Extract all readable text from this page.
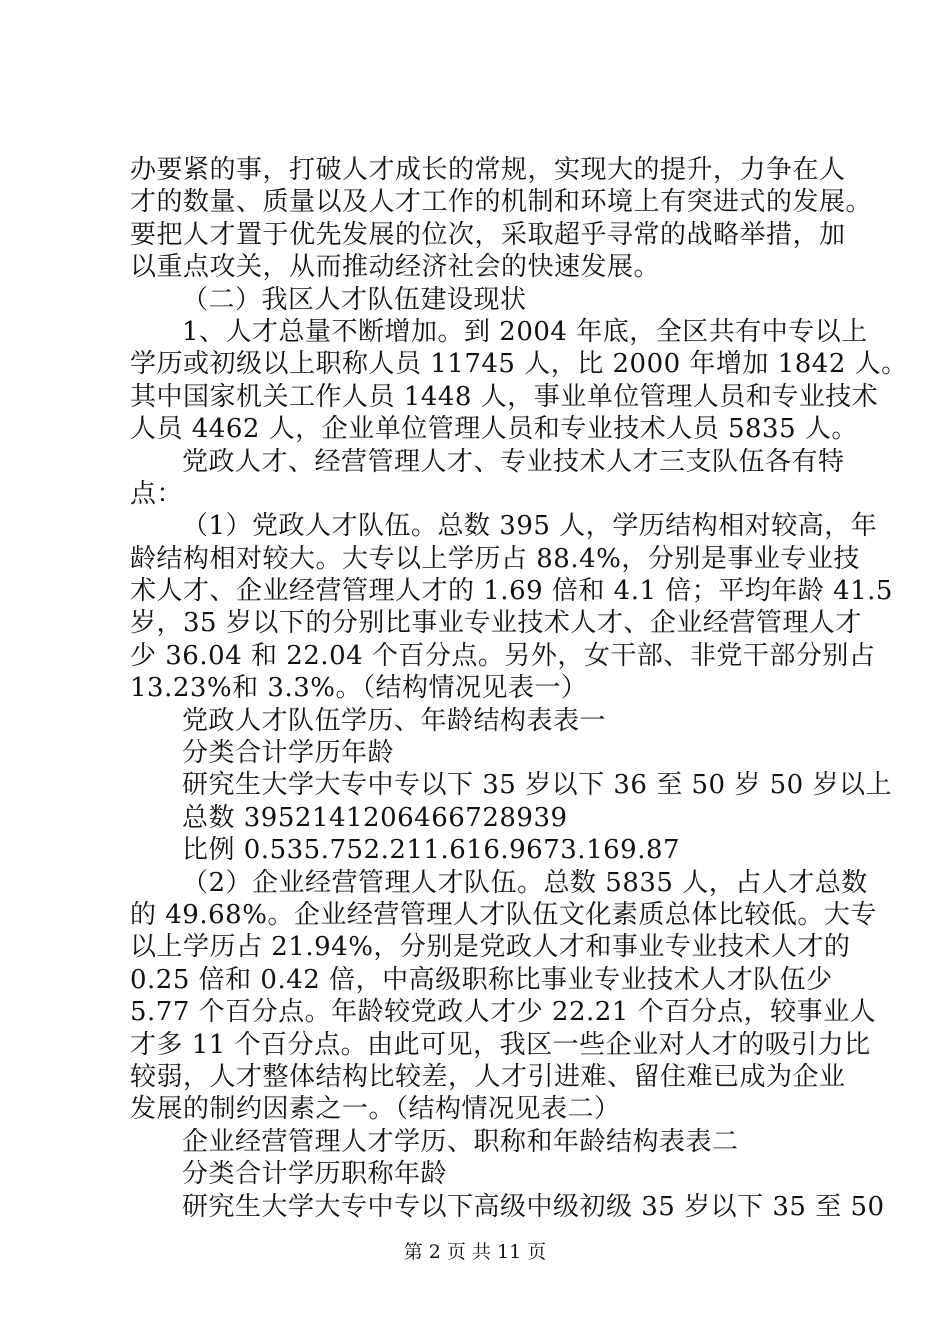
办要紧的事，打破人才成长的常规，实现大的提升，力争在人
才的数量、质量以及人才工作的机制和环境上有突进式的发展。
要把人才置于优先发展的位次，采取超乎寻常的战略举措，加
以重点攻关，从而推动经济社会的快速发展。
（二）我区人才队伍建设现状
1、人才总量不断增加。到 2004 年底，全区共有中专以上
学历或初级以上职称人员 11745 人，比 2000 年增加 1842 人。
其中国家机关工作人员 1448 人，事业单位管理人员和专业技术
人员 4462 人，企业单位管理人员和专业技术人员 5835 人。
党政人才、经营管理人才、专业技术人才三支队伍各有特
点：
（1）党政人才队伍。总数 395 人，学历结构相对较高，年
龄结构相对较大。大专以上学历占 88.4%，分别是事业专业技
术人才、企业经营管理人才的 1.69 倍和 4.1 倍；平均年龄 41.5
岁，35 岁以下的分别比事业专业技术人才、企业经营管理人才
少 36.04 和 22.04 个百分点。另外，女干部、非党干部分别占
13.23%和 3.3%。（结构情况见表一）
党政人才队伍学历、年龄结构表表一
分类合计学历年龄
研究生大学大专中专以下 35 岁以下 36 至 50 岁 50 岁以上
总数 3952141206466728939
比例 0.535.752.211.616.9673.169.87
（2）企业经营管理人才队伍。总数 5835 人，占人才总数
的 49.68%。企业经营管理人才队伍文化素质总体比较低。大专
以上学历占 21.94%，分别是党政人才和事业专业技术人才的
0.25 倍和 0.42 倍，中高级职称比事业专业技术人才队伍少
5.77 个百分点。年龄较党政人才少 22.21 个百分点，较事业人
才多 11 个百分点。由此可见，我区一些企业对人才的吸引力比
较弱，人才整体结构比较差，人才引进难、留住难已成为企业
发展的制约因素之一。（结构情况见表二）
企业经营管理人才学历、职称和年龄结构表表二
分类合计学历职称年龄
研究生大学大专中专以下高级中级初级 35 岁以下 35 至 50
第 2 页 共 11 页
